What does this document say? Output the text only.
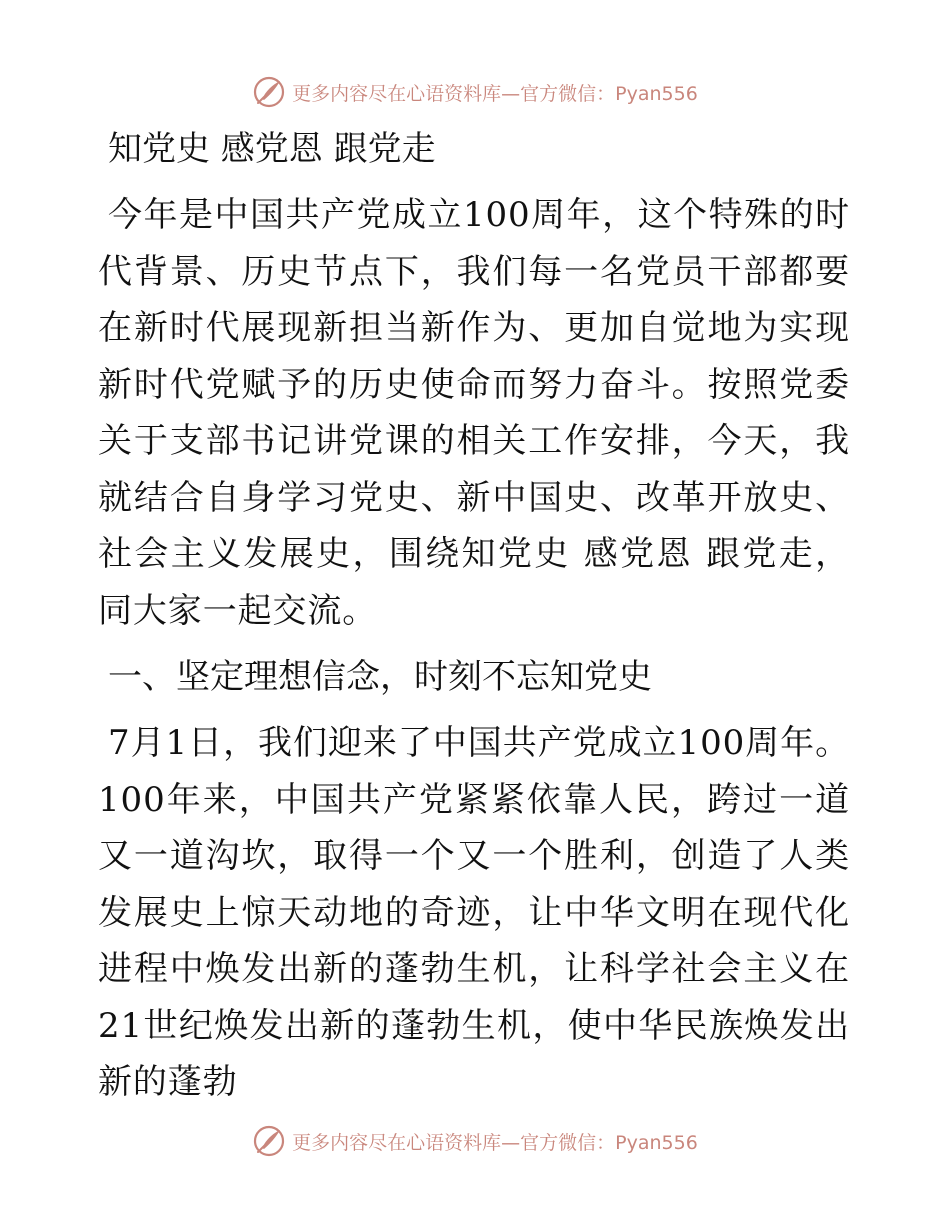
更多内容尽在心语资料库—官方微信：Pyan556
知党史 感党恩 跟党走

今年是中国共产党成立100周年，这个特殊的时代背景、历史节点下，我们每一名党员干部都要在新时代展现新担当新作为、更加自觉地为实现新时代党赋予的历史使命而努力奋斗。按照党委关于支部书记讲党课的相关工作安排，今天，我就结合自身学习党史、新中国史、改革开放史、社会主义发展史，围绕知党史 感党恩 跟党走，同大家一起交流。

一、坚定理想信念，时刻不忘知党史

7月1日，我们迎来了中国共产党成立100周年。100年来，中国共产党紧紧依靠人民，跨过一道又一道沟坎，取得一个又一个胜利，创造了人类发展史上惊天动地的奇迹，让中华文明在现代化进程中焕发出新的蓬勃生机，让科学社会主义在21世纪焕发出新的蓬勃生机，使中华民族焕发出新的蓬勃

更多内容尽在心语资料库—官方微信：Pyan556
